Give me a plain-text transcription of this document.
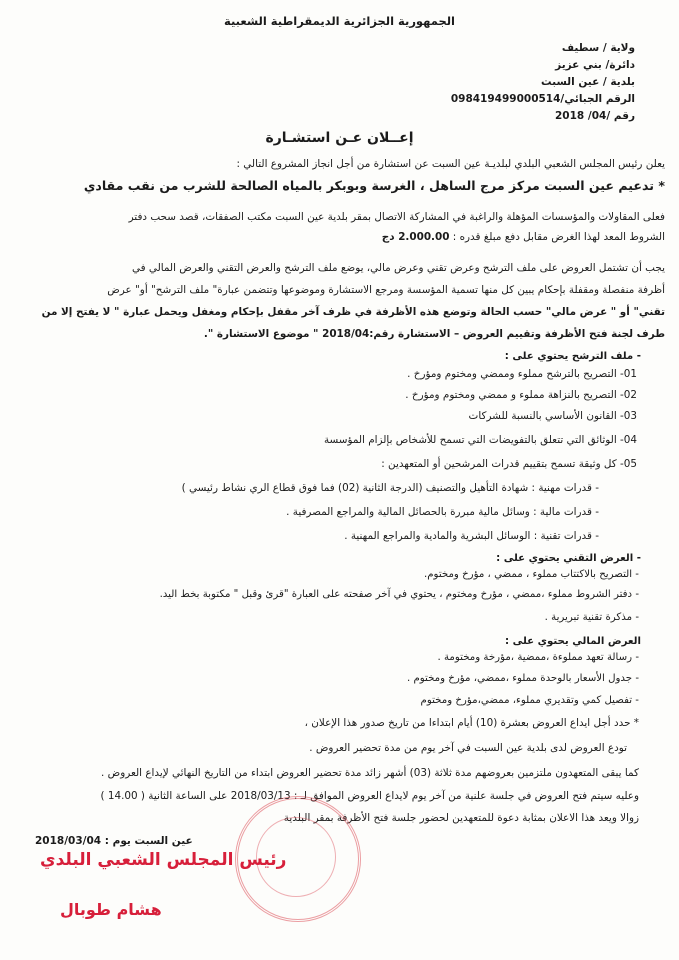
الجمهورية الجزائرية الديمقراطية الشعبية
ولاية / سطيف
دائرة/ بني عزيز
بلدية / عين السبت
الرقم الجبائي/098419499000514
رقم /04/ 2018
إعــلان عـن استشـارة
يعلن رئيس المجلس الشعبي البلدي لبلديـة عين السبت عن استشارة من أجل انجاز المشروع التالي :
* تدعيم عين السبت مركز مرج الساهل ، الغرسة وبوبكر بالمياه الصالحة للشرب من نقب مقادي
فعلى المقاولات والمؤسسات المؤهلة والراغبة في المشاركة الاتصال بمقر بلدية عين السبت مكتب الصفقات، قصد سحب دفتر
الشروط المعد لهذا الغرض مقابل دفع مبلغ قدره : 2.000.00 دج
يجب أن تشتمل العروض على ملف الترشح وعرض تقني وعرض مالي، يوضع ملف الترشح والعرض التقني والعرض المالي في
أظرفة منفصلة ومقفلة بإحكام يبين كل منها تسمية المؤسسة ومرجع الاستشارة وموضوعها وتتضمن عبارة" ملف الترشح" أو" عرض
تقني" أو " عرض مالي" حسب الحالة وتوضع هذه الأظرفة في ظرف آخر مقفل بإحكام ومغفل ويحمل عبارة " لا يفتح إلا من
طرف لجنة فتح الأظرفة وتقييم العروض – الاستشارة رقم:2018/04 " موضوع الاستشارة ".
- ملف الترشح يحتوي على :
01- التصريح بالترشح مملوء وممضي ومختوم ومؤرخ .
02- التصريح بالنزاهة مملوء و ممضي ومختوم ومؤرخ .
03- القانون الأساسي بالنسبة للشركات
04- الوثائق التي تتعلق بالتفويضات التي تسمح للأشخاص بإلزام المؤسسة
05- كل وثيقة تسمح بتقييم قدرات المرشحين أو المتعهدين :
- قدرات مهنية : شهادة التأهيل والتصنيف (الدرجة الثانية (02) فما فوق قطاع الري نشاط رئيسي )
- قدرات مالية : وسائل مالية مبررة بالحصائل المالية والمراجع المصرفية .
- قدرات تقنية : الوسائل البشرية والمادية والمراجع المهنية .
- العرض التقني يحتوي على :
- التصريح بالاكتتاب مملوء ، ممضي ، مؤرخ ومختوم.
- دفتر الشروط مملوء ،ممضي ، مؤرخ ومختوم ، يحتوي في آخر صفحته على العبارة "قرئ وقبل " مكتوبة بخط اليد.
- مذكرة تقنية تبريرية .
العرض المالي يحتوي على :
- رسالة تعهد مملوءة ،ممضية ،مؤرخة ومختومة .
- جدول الأسعار بالوحدة مملوء ،ممضي، مؤرخ ومختوم .
- تفصيل كمي وتقديري مملوء، ممضي،مؤرخ ومختوم
* حدد أجل ايداع العروض بعشرة (10) أيام ابتداءا من تاريخ صدور هذا الإعلان ،
تودع العروض لدى بلدية عين السبت في آخر يوم من مدة تحضير العروض .
كما يبقى المتعهدون ملتزمين بعروضهم مدة ثلاثة (03) أشهر زائد مدة تحضير العروض ابتداء من التاريخ النهائي لإيداع العروض .
وعليه سيتم فتح العروض في جلسة علنية من آخر يوم لايداع العروض الموافق لـ : 2018/03/13 على الساعة الثانية ( 14.00 )
زوالا ويعد هذا الاعلان بمثابة دعوة للمتعهدين لحضور جلسة فتح الأظرفة بمقر البلدية
عين السبت يوم : 2018/03/04
رئيس المجلس الشعبي البلدي
هشام طوبال
